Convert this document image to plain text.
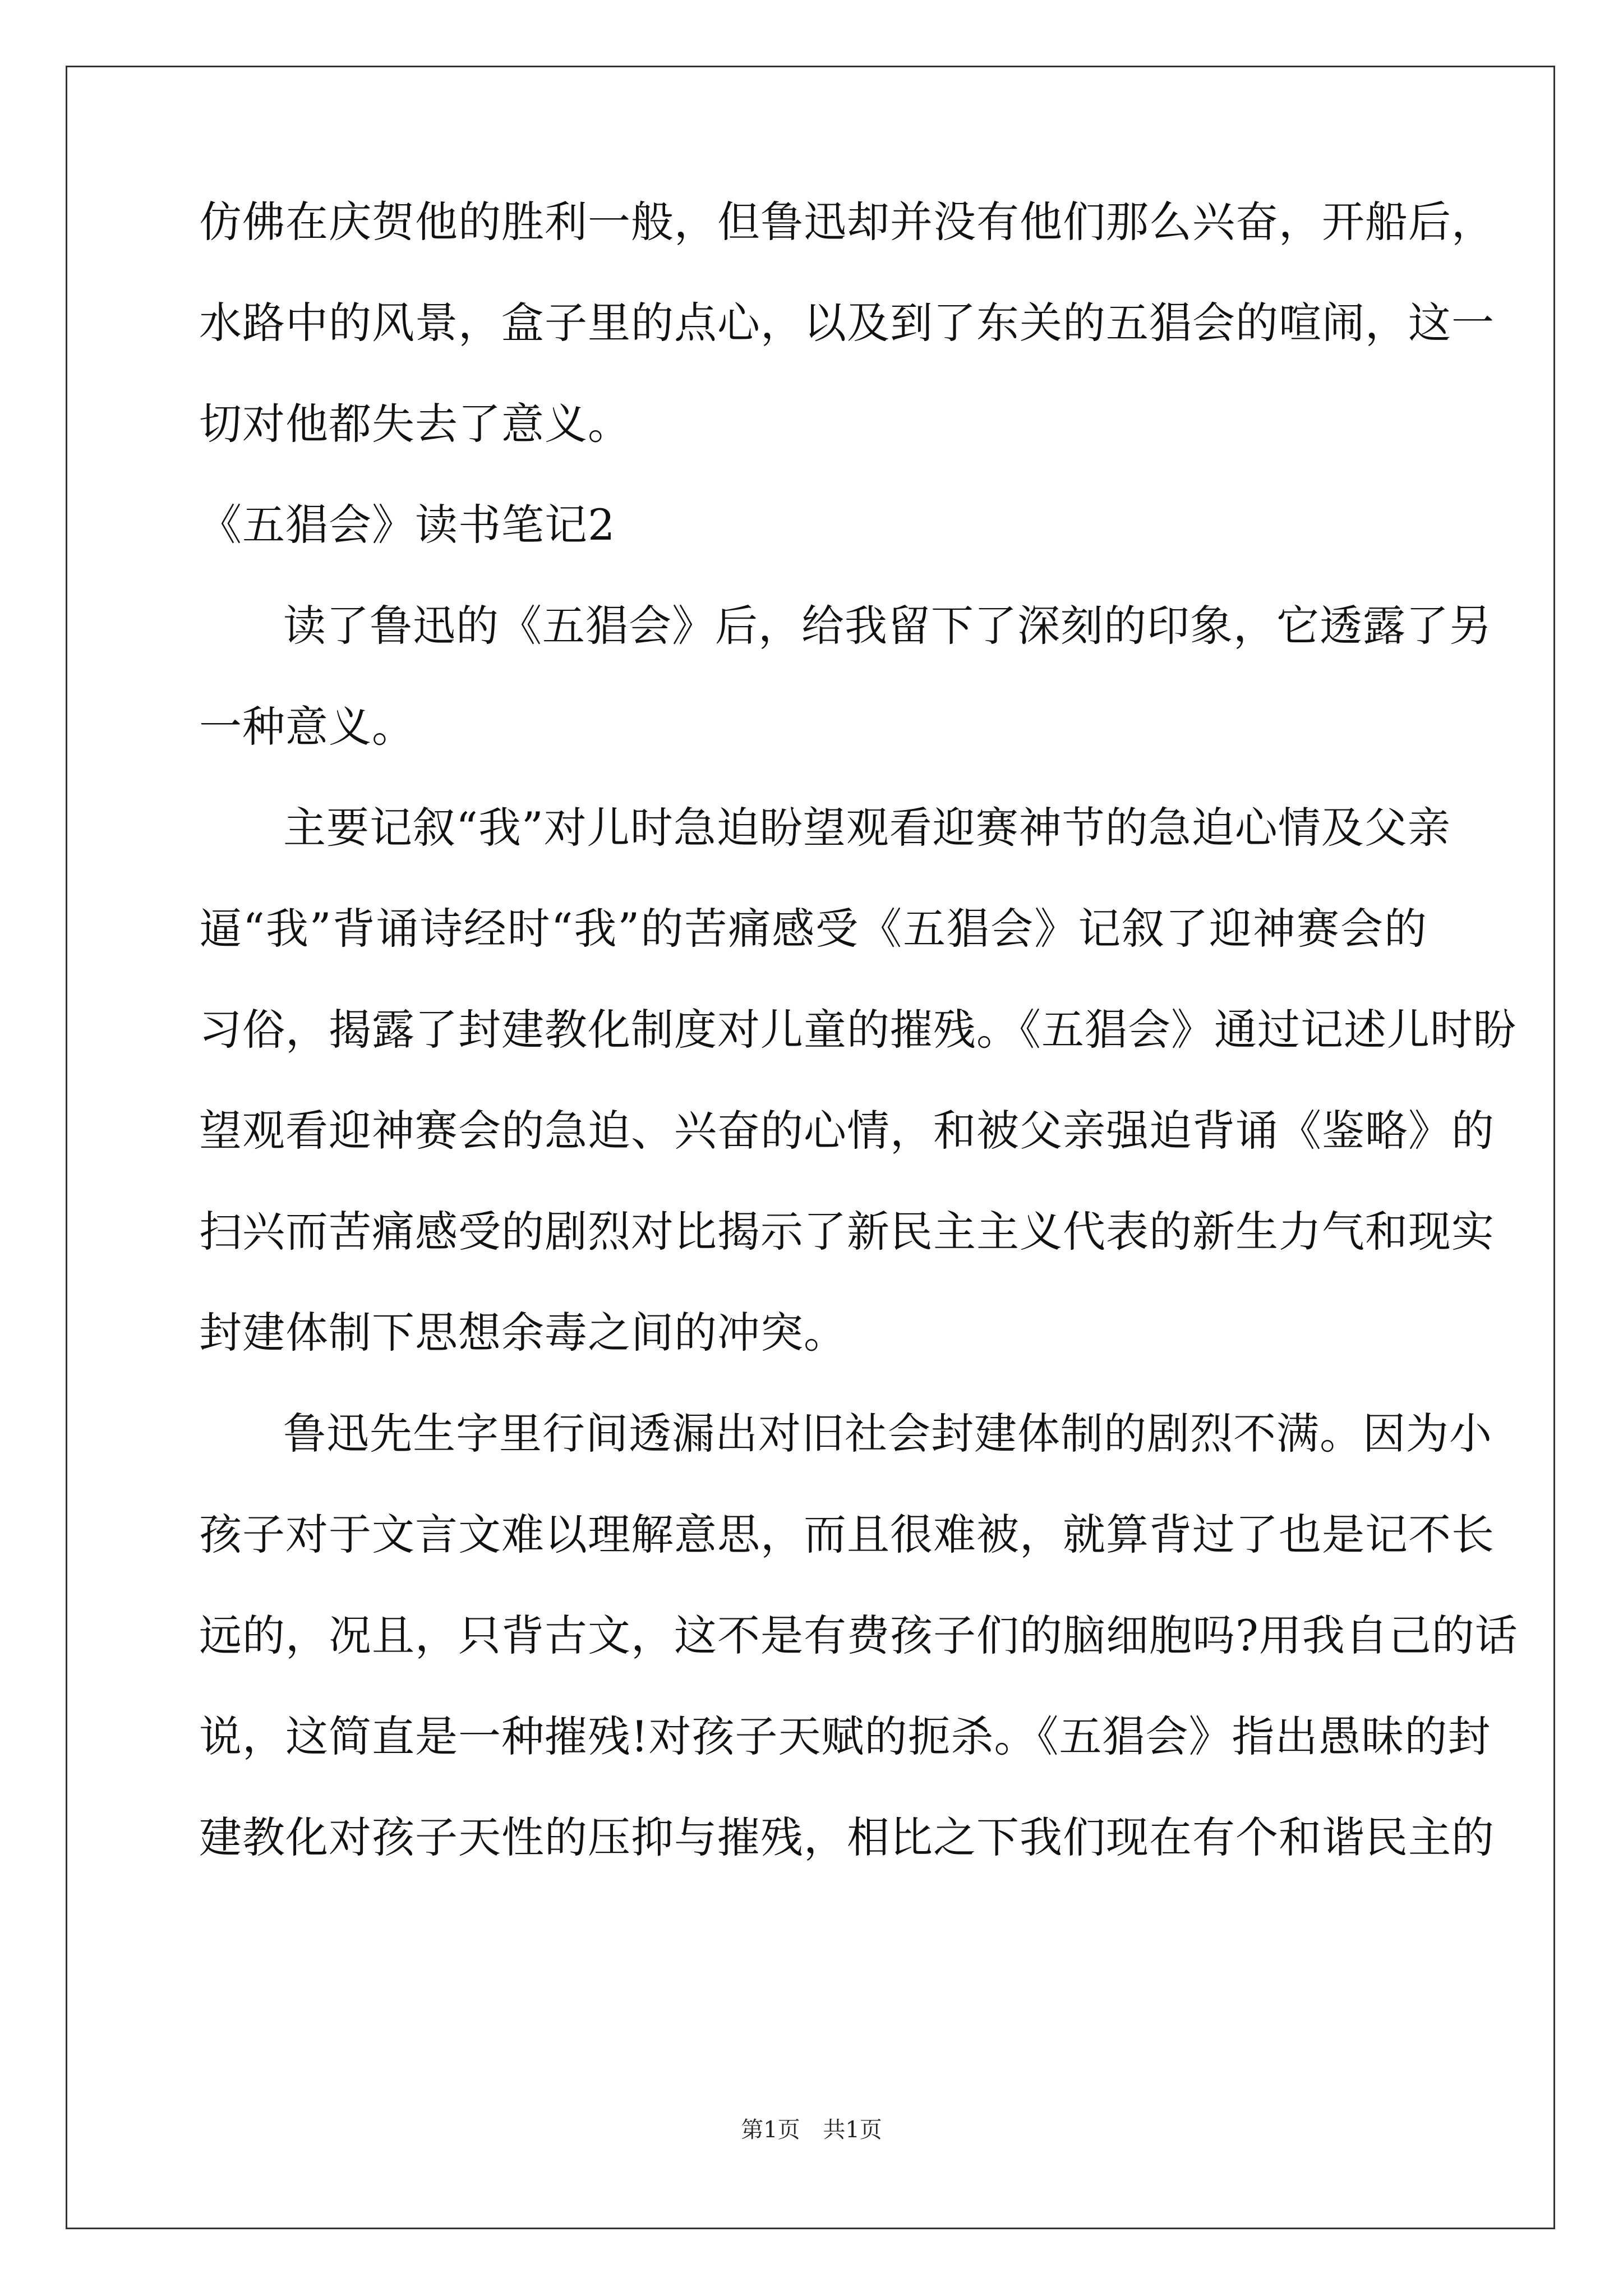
仿佛在庆贺他的胜利一般，但鲁迅却并没有他们那么兴奋，开船后，
水路中的风景，盒子里的点心，以及到了东关的五猖会的喧闹，这一
切对他都失去了意义。
《五猖会》读书笔记2
读了鲁迅的《五猖会》后，给我留下了深刻的印象，它透露了另
一种意义。
主要记叙“我”对儿时急迫盼望观看迎赛神节的急迫心情及父亲
逼“我”背诵诗经时“我”的苦痛感受《五猖会》记叙了迎神赛会的
习俗，揭露了封建教化制度对儿童的摧残。《五猖会》通过记述儿时盼
望观看迎神赛会的急迫、兴奋的心情，和被父亲强迫背诵《鉴略》的
扫兴而苦痛感受的剧烈对比揭示了新民主主义代表的新生力气和现实
封建体制下思想余毒之间的冲突。
鲁迅先生字里行间透漏出对旧社会封建体制的剧烈不满。因为小
孩子对于文言文难以理解意思，而且很难被，就算背过了也是记不长
远的，况且，只背古文，这不是有费孩子们的脑细胞吗?用我自己的话
说，这简直是一种摧残!对孩子天赋的扼杀。《五猖会》指出愚昧的封
建教化对孩子天性的压抑与摧残，相比之下我们现在有个和谐民主的
第1页 共1页
